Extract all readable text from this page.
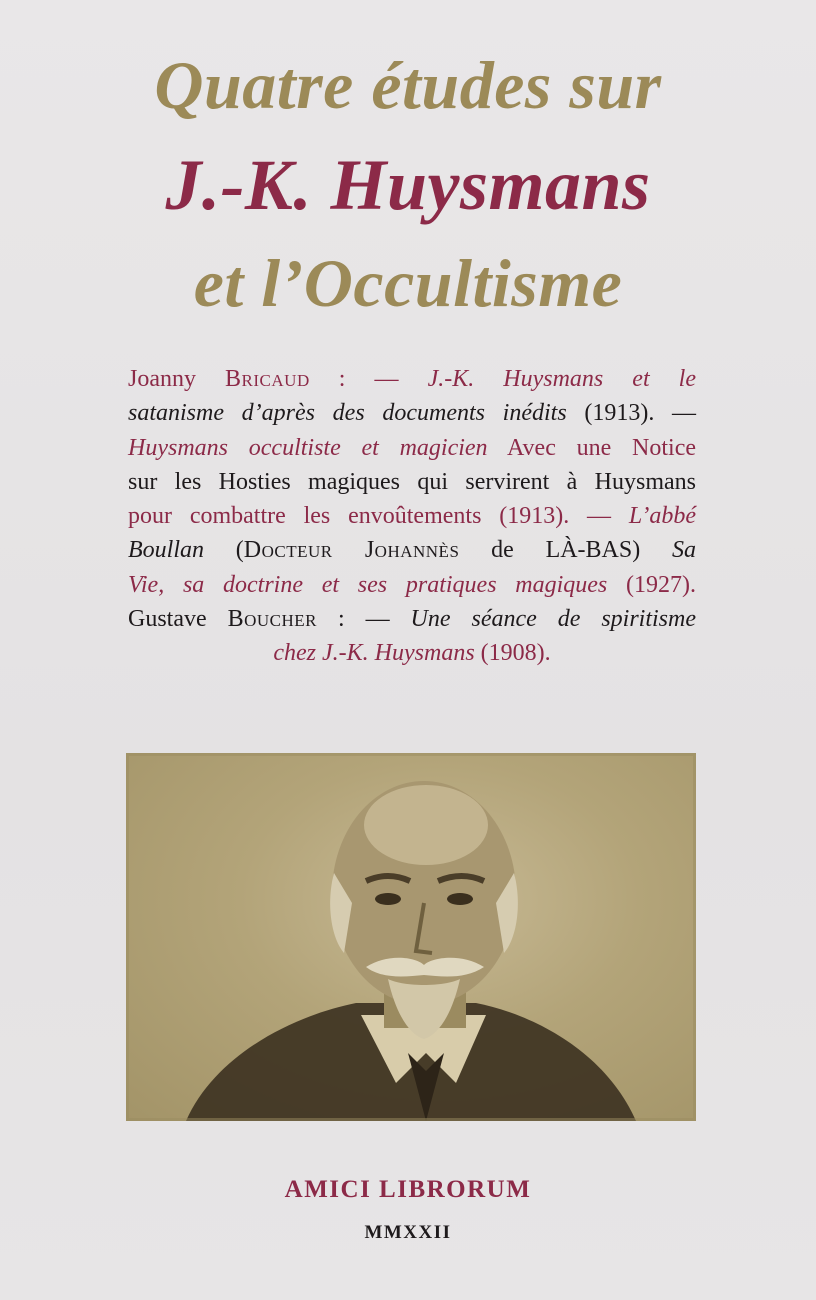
Quatre études sur
J.-K. Huysmans
et l’Occultisme
Joanny Bricaud : — J.-K. Huysmans et le
satanisme d’après des documents inédits (1913). —
Huysmans occultiste et magicien Avec une Notice
sur les Hosties magiques qui servirent à Huysmans
pour combattre les envoûtements (1913). — L’abbé
Boullan (Docteur Johannès de LÀ-BAS) Sa
Vie, sa doctrine et ses pratiques magiques (1927).
Gustave Boucher : — Une séance de spiritisme
chez J.-K. Huysmans (1908).

AMICI LIBRORUM

MMXXII
